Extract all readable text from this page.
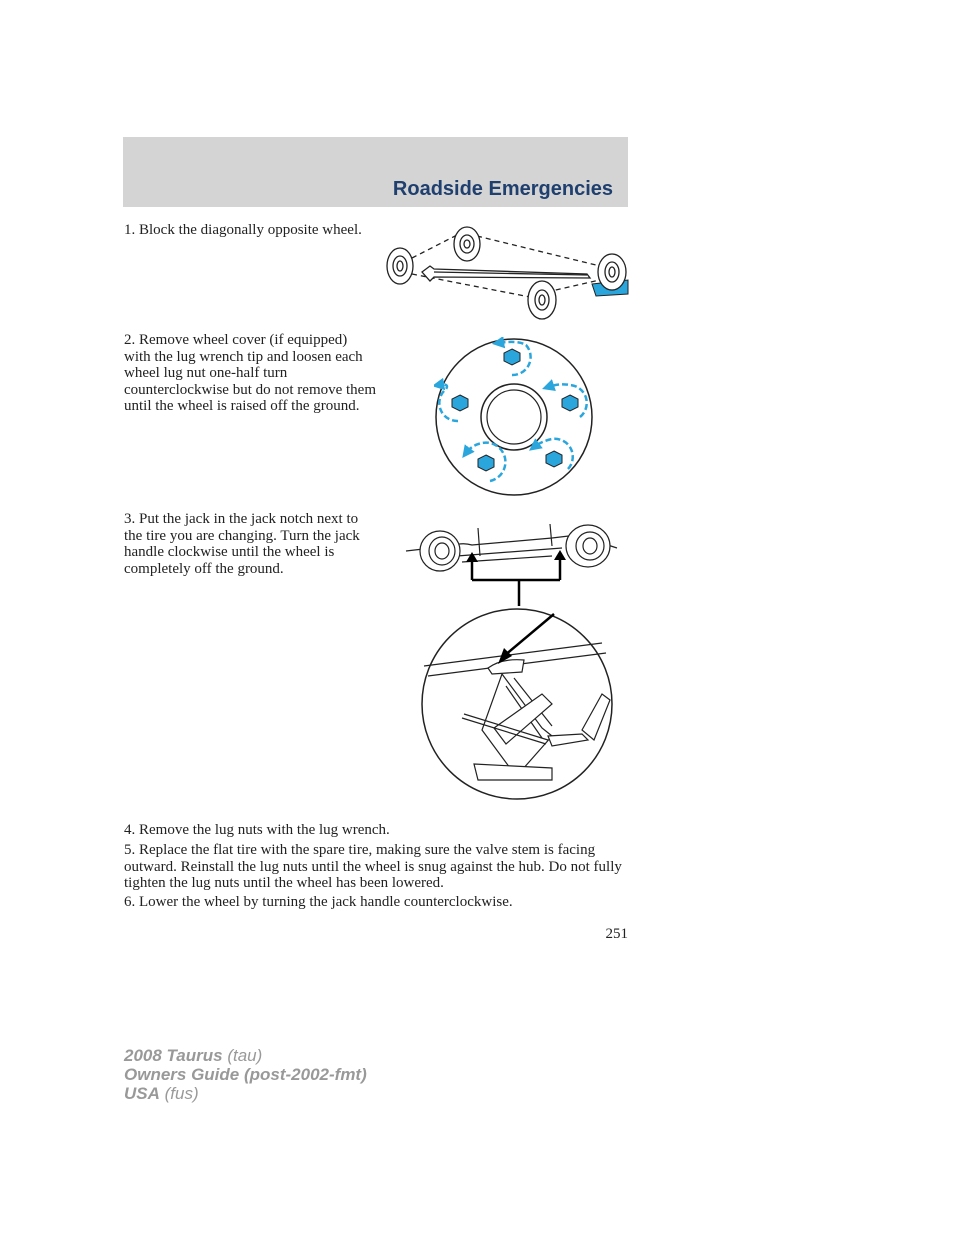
Roadside Emergencies
1. Block the diagonally opposite wheel.
2. Remove wheel cover (if equipped) with the lug wrench tip and loosen each wheel lug nut one-half turn counterclockwise but do not remove them until the wheel is raised off the ground.
3. Put the jack in the jack notch next to the tire you are changing. Turn the jack handle clockwise until the wheel is completely off the ground.
4. Remove the lug nuts with the lug wrench.
5. Replace the flat tire with the spare tire, making sure the valve stem is facing outward. Reinstall the lug nuts until the wheel is snug against the hub. Do not fully tighten the lug nuts until the wheel has been lowered.
6. Lower the wheel by turning the jack handle counterclockwise.
251
2008 Taurus (tau)
Owners Guide (post-2002-fmt)
USA (fus)
